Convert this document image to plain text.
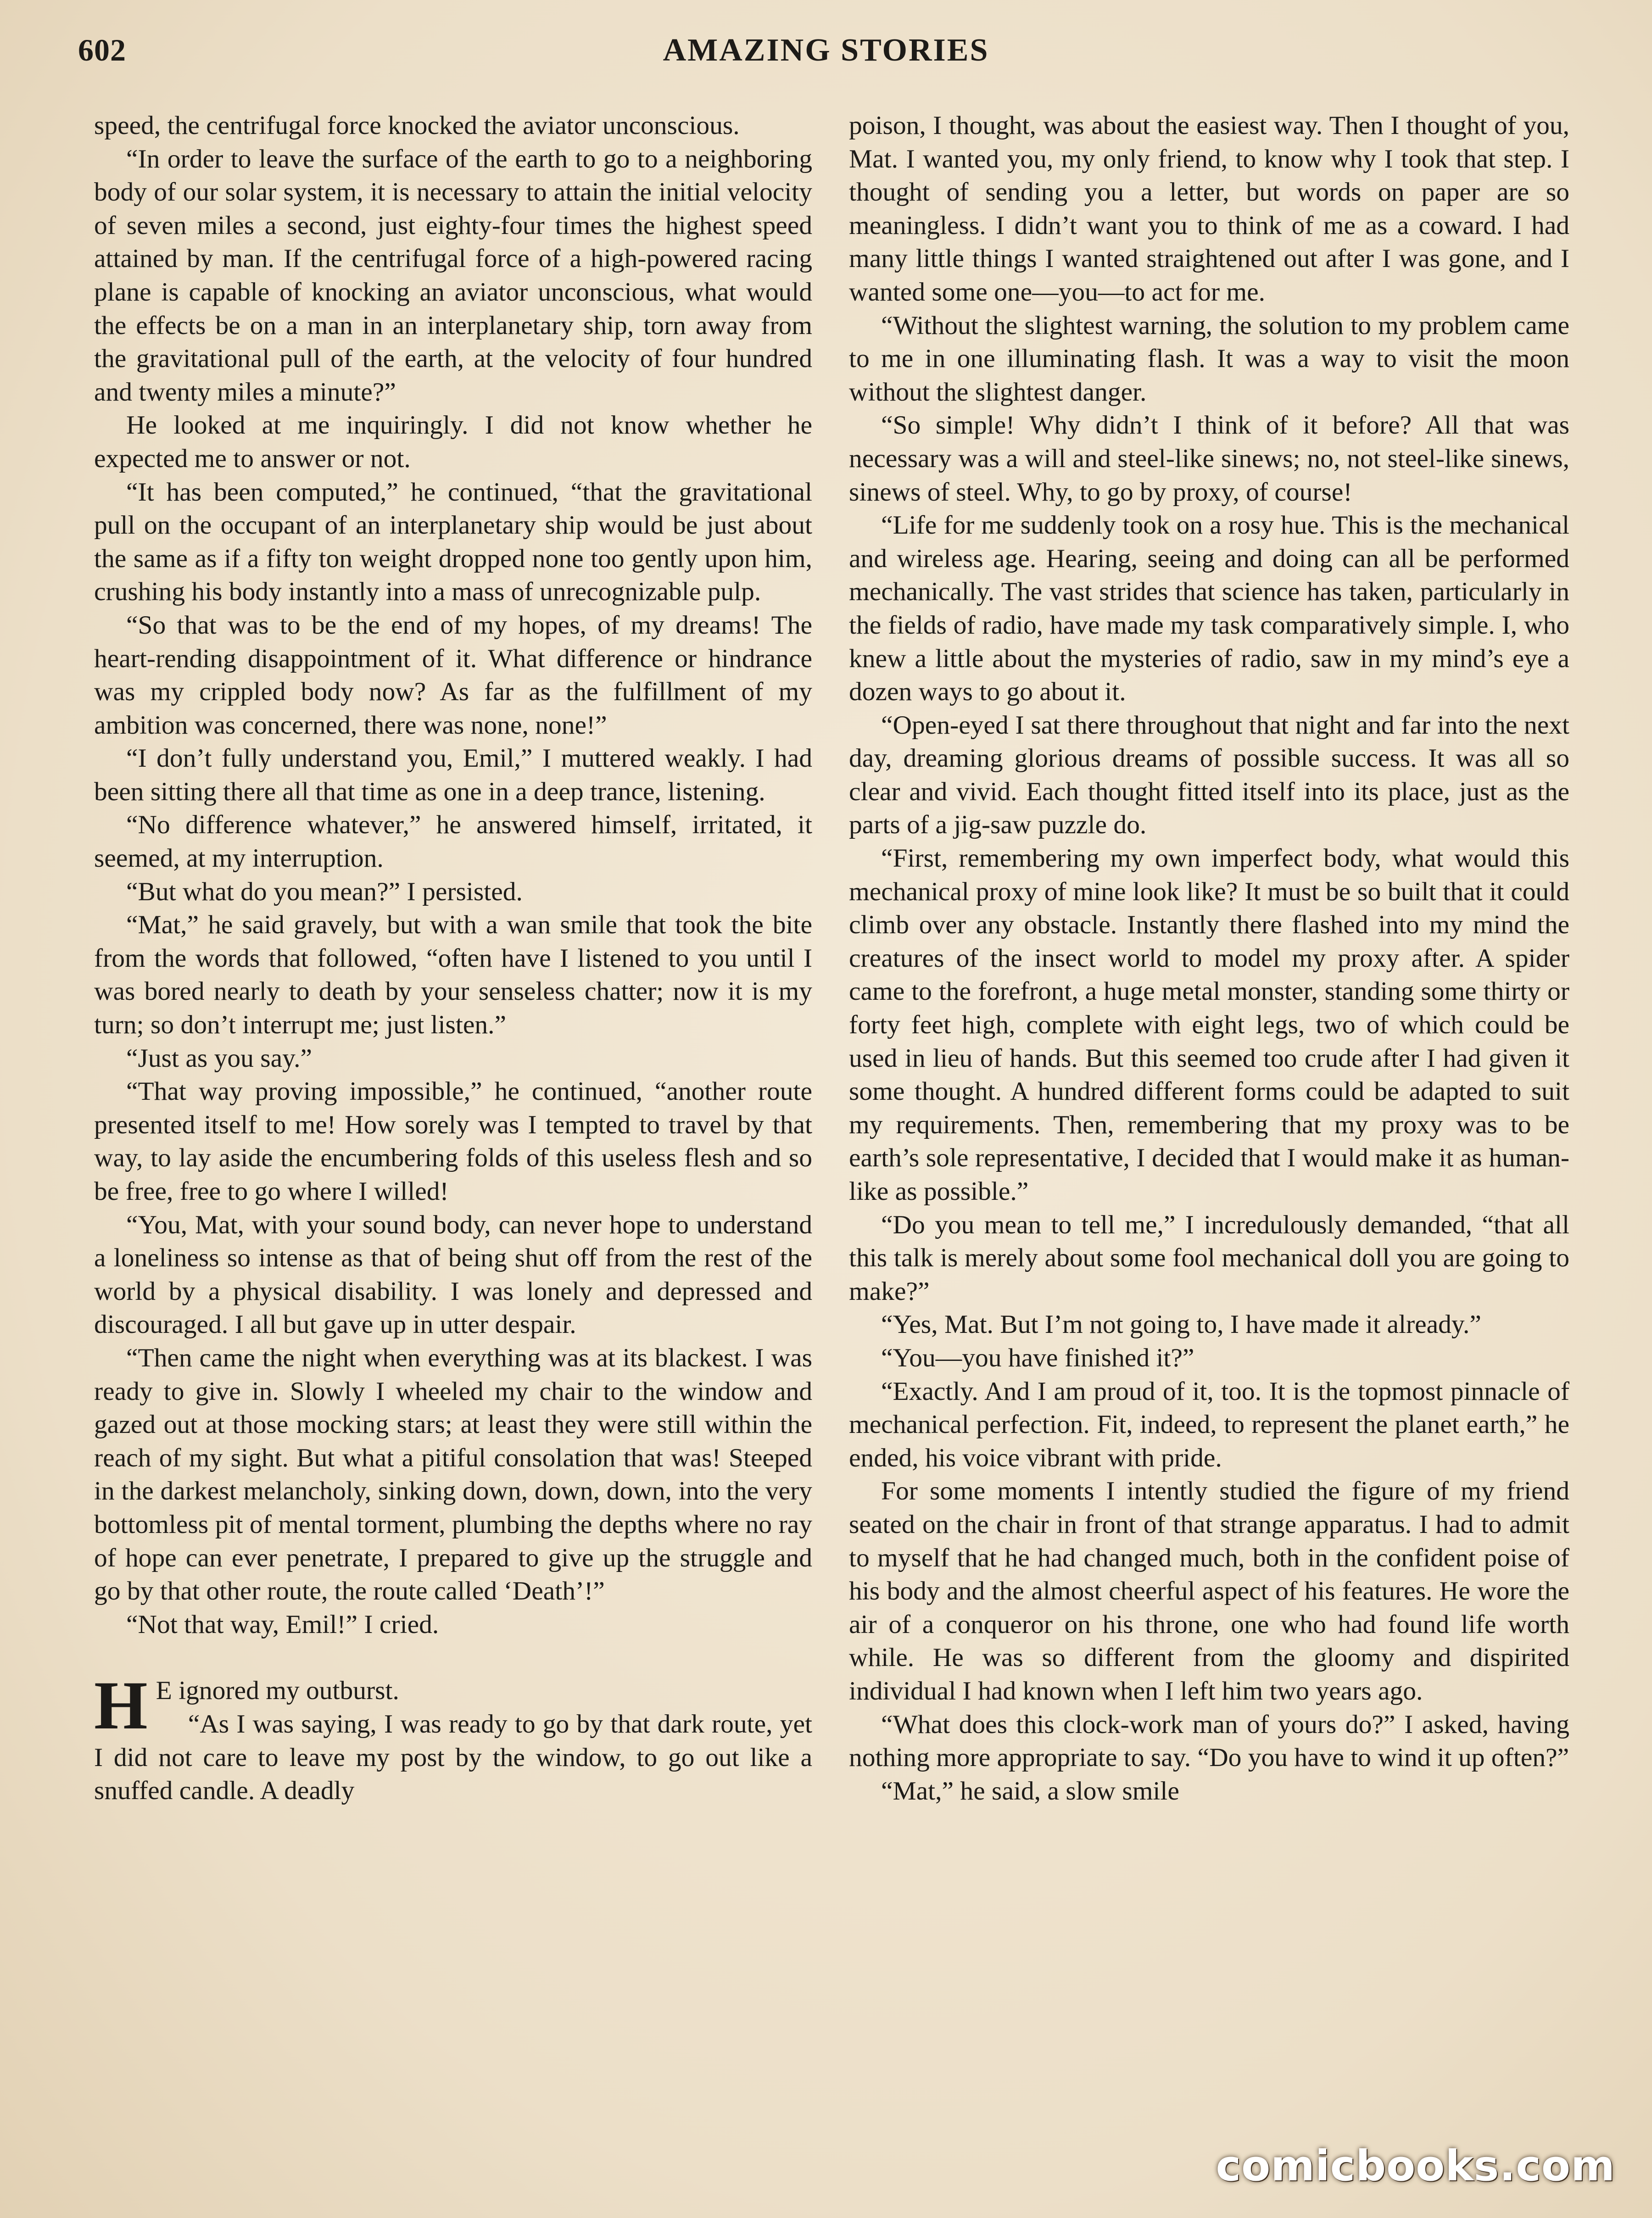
602	AMAZING STORIES

speed, the centrifugal force knocked the aviator unconscious.

“In order to leave the surface of the earth to go to a neighboring body of our solar system, it is necessary to attain the initial velocity of seven miles a second, just eighty-four times the highest speed attained by man. If the centrifugal force of a high-powered racing plane is capable of knocking an aviator unconscious, what would the effects be on a man in an interplanetary ship, torn away from the gravitational pull of the earth, at the velocity of four hundred and twenty miles a minute?”

He looked at me inquiringly. I did not know whether he expected me to answer or not.

“It has been computed,” he continued, “that the gravitational pull on the occupant of an interplanetary ship would be just about the same as if a fifty ton weight dropped none too gently upon him, crushing his body instantly into a mass of unrecognizable pulp.

“So that was to be the end of my hopes, of my dreams! The heart-rending disappointment of it. What difference or hindrance was my crippled body now? As far as the fulfillment of my ambition was concerned, there was none, none!”

“I don’t fully understand you, Emil,” I muttered weakly. I had been sitting there all that time as one in a deep trance, listening.

“No difference whatever,” he answered himself, irritated, it seemed, at my interruption.

“But what do you mean?” I persisted.

“Mat,” he said gravely, but with a wan smile that took the bite from the words that followed, “often have I listened to you until I was bored nearly to death by your senseless chatter; now it is my turn; so don’t interrupt me; just listen.”

“Just as you say.”

“That way proving impossible,” he continued, “another route presented itself to me! How sorely was I tempted to travel by that way, to lay aside the encumbering folds of this useless flesh and so be free, free to go where I willed!

“You, Mat, with your sound body, can never hope to understand a loneliness so intense as that of being shut off from the rest of the world by a physical disability. I was lonely and depressed and discouraged. I all but gave up in utter despair.

“Then came the night when everything was at its blackest. I was ready to give in. Slowly I wheeled my chair to the window and gazed out at those mocking stars; at least they were still within the reach of my sight. But what a pitiful consolation that was! Steeped in the darkest melancholy, sinking down, down, down, into the very bottomless pit of mental torment, plumbing the depths where no ray of hope can ever penetrate, I prepared to give up the struggle and go by that other route, the route called ‘Death’!”

“Not that way, Emil!” I cried.

H E ignored my outburst.

“As I was saying, I was ready to go by that dark route, yet I did not care to leave my post by the window, to go out like a snuffed candle. A deadly

poison, I thought, was about the easiest way. Then I thought of you, Mat. I wanted you, my only friend, to know why I took that step. I thought of sending you a letter, but words on paper are so meaningless. I didn’t want you to think of me as a coward. I had many little things I wanted straightened out after I was gone, and I wanted some one—you—to act for me.

“Without the slightest warning, the solution to my problem came to me in one illuminating flash. It was a way to visit the moon without the slightest danger.

“So simple! Why didn’t I think of it before? All that was necessary was a will and steel-like sinews; no, not steel-like sinews, sinews of steel. Why, to go by proxy, of course!

“Life for me suddenly took on a rosy hue. This is the mechanical and wireless age. Hearing, seeing and doing can all be performed mechanically. The vast strides that science has taken, particularly in the fields of radio, have made my task comparatively simple. I, who knew a little about the mysteries of radio, saw in my mind’s eye a dozen ways to go about it.

“Open-eyed I sat there throughout that night and far into the next day, dreaming glorious dreams of possible success. It was all so clear and vivid. Each thought fitted itself into its place, just as the parts of a jig-saw puzzle do.

“First, remembering my own imperfect body, what would this mechanical proxy of mine look like? It must be so built that it could climb over any obstacle. Instantly there flashed into my mind the creatures of the insect world to model my proxy after. A spider came to the forefront, a huge metal monster, standing some thirty or forty feet high, complete with eight legs, two of which could be used in lieu of hands. But this seemed too crude after I had given it some thought. A hundred different forms could be adapted to suit my requirements. Then, remembering that my proxy was to be earth’s sole representative, I decided that I would make it as human-like as possible.”

“Do you mean to tell me,” I incredulously demanded, “that all this talk is merely about some fool mechanical doll you are going to make?”

“Yes, Mat. But I’m not going to, I have made it already.”

“You—you have finished it?”

“Exactly. And I am proud of it, too. It is the topmost pinnacle of mechanical perfection. Fit, indeed, to represent the planet earth,” he ended, his voice vibrant with pride.

For some moments I intently studied the figure of my friend seated on the chair in front of that strange apparatus. I had to admit to myself that he had changed much, both in the confident poise of his body and the almost cheerful aspect of his features. He wore the air of a conqueror on his throne, one who had found life worth while. He was so different from the gloomy and dispirited individual I had known when I left him two years ago.

“What does this clock-work man of yours do?” I asked, having nothing more appropriate to say. “Do you have to wind it up often?”

“Mat,” he said, a slow smile

comicbooks.com
